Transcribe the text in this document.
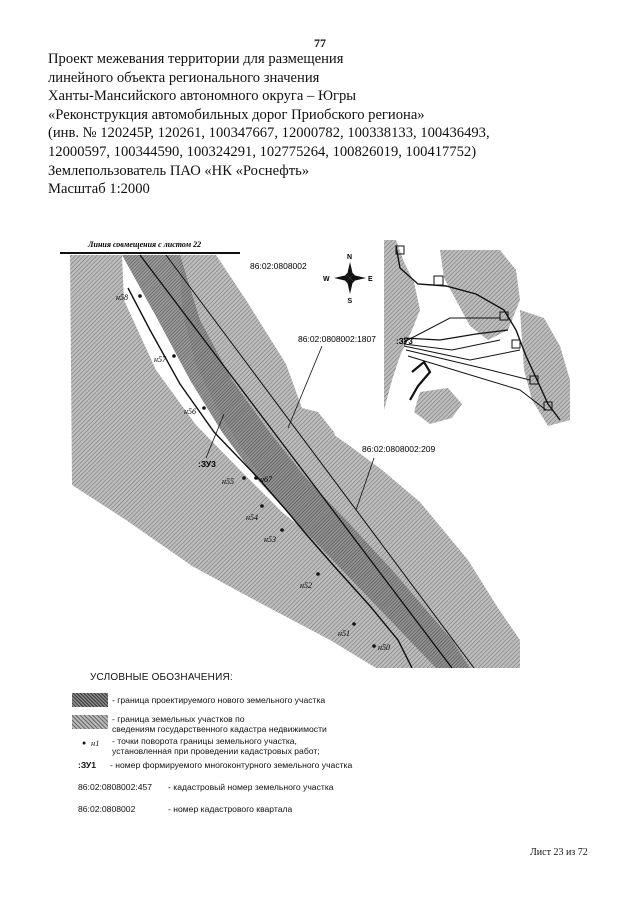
77
Проект межевания территории для размещения
линейного объекта регионального значения
Ханты-Мансийского автономного округа – Югры
«Реконструкция автомобильных дорог Приобского региона»
(инв. № 120245Р, 120261, 100347667, 12000782, 100338133, 100436493,
12000597, 100344590, 100324291, 102775264, 100826019, 100417752)
Землепользователь ПАО «НК «Роснефть»
Масштаб 1:2000
Линия совмещения с листом 22
86:02:0808002
86:02:0808002:1807
86:02:0808002:209
:ЗУ3
н58
н57
н56
н55	н67
н54
н53
н52
н51
н50
N
S
E
W
:ЗУ3
УСЛОВНЫЕ ОБОЗНАЧЕНИЯ:
- граница проектируемого нового земельного участка
- граница земельных участков по
сведениям государственного кадастра недвижимости
● н1 - точки поворота границы земельного участка,
установленная при проведении кадастровых работ;
:ЗУ1 - номер формируемого многоконтурного земельного участка
86:02:0808002:457 - кадастровый номер земельного участка
86:02:0808002	- номер кадастрового квартала
Лист 23 из 72
